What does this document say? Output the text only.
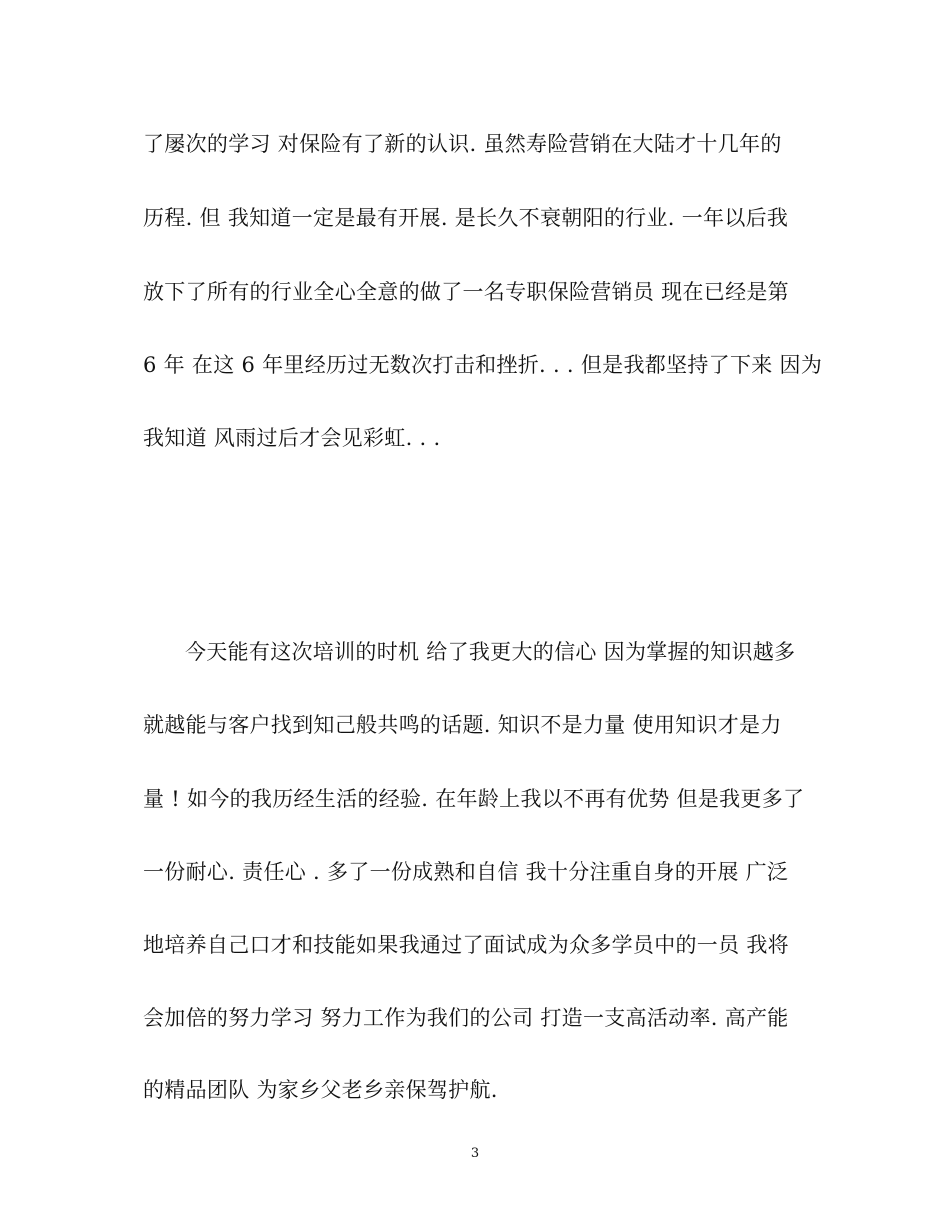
了屡次的学习 对保险有了新的认识. 虽然寿险营销在大陆才十几年的
历程. 但 我知道一定是最有开展. 是长久不衰朝阳的行业. 一年以后我
放下了所有的行业全心全意的做了一名专职保险营销员 现在已经是第
6 年 在这 6 年里经历过无数次打击和挫折. . . 但是我都坚持了下来 因为
我知道 风雨过后才会见彩虹. . .
今天能有这次培训的时机 给了我更大的信心 因为掌握的知识越多
就越能与客户找到知己般共鸣的话题. 知识不是力量 使用知识才是力
量 ! 如今的我历经生活的经验. 在年龄上我以不再有优势 但是我更多了
一份耐心. 责任心 . 多了一份成熟和自信 我十分注重自身的开展 广泛
地培养自己口才和技能如果我通过了面试成为众多学员中的一员 我将
会加倍的努力学习 努力工作为我们的公司 打造一支高活动率. 高产能
的精品团队 为家乡父老乡亲保驾护航.
3
